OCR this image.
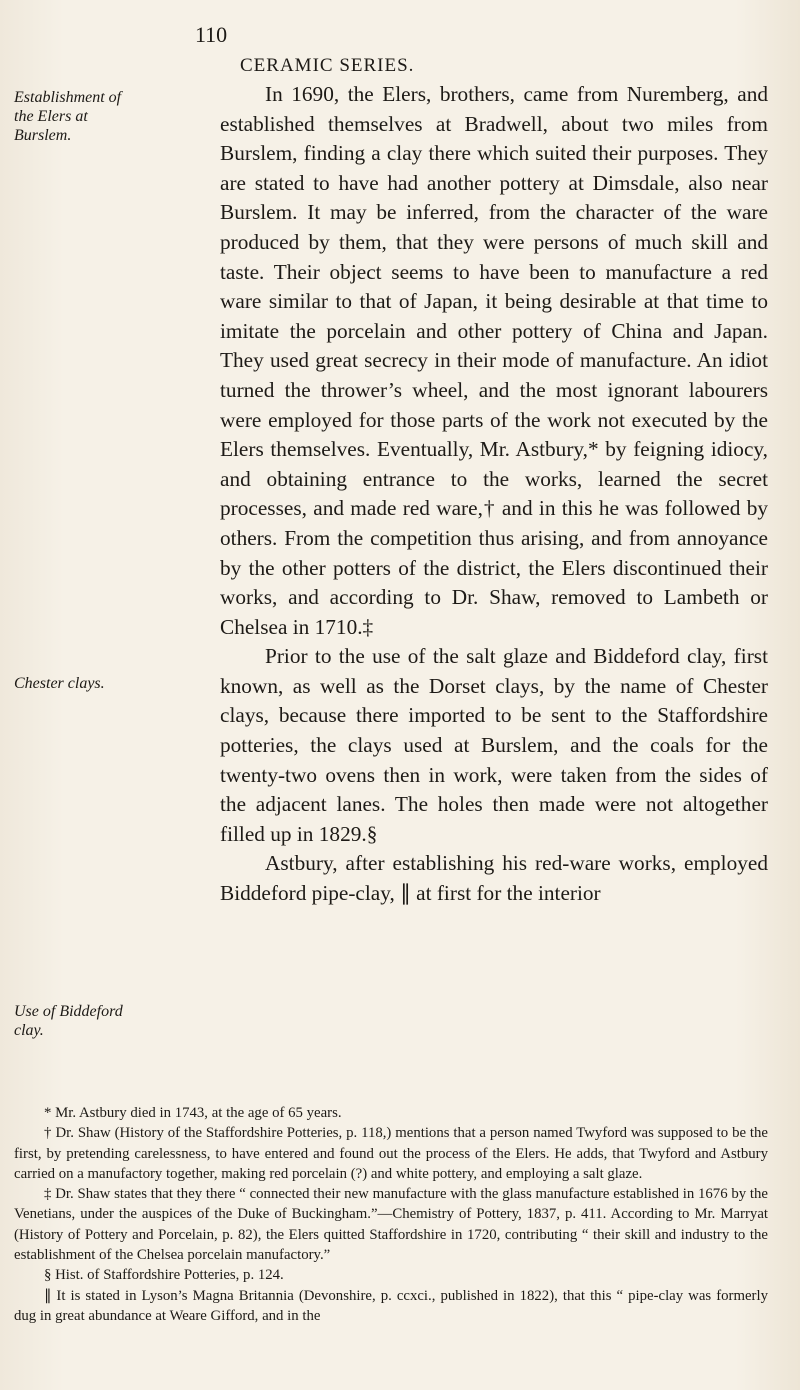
110
CERAMIC SERIES.
Establishment of the Elers at Burslem.
Chester clays.
Use of Biddeford clay.

In 1690, the Elers, brothers, came from Nuremberg, and established themselves at Bradwell, about two miles from Burslem, finding a clay there which suited their purposes. They are stated to have had another pottery at Dimsdale, also near Burslem. It may be inferred, from the character of the ware produced by them, that they were persons of much skill and taste. Their object seems to have been to manufacture a red ware similar to that of Japan, it being desirable at that time to imitate the porcelain and other pottery of China and Japan. They used great secrecy in their mode of manufacture. An idiot turned the thrower’s wheel, and the most ignorant labourers were employed for those parts of the work not executed by the Elers themselves. Eventually, Mr. Astbury,* by feigning idiocy, and obtaining entrance to the works, learned the secret processes, and made red ware,† and in this he was followed by others. From the competition thus arising, and from annoyance by the other potters of the district, the Elers discontinued their works, and according to Dr. Shaw, removed to Lambeth or Chelsea in 1710.‡

Prior to the use of the salt glaze and Biddeford clay, first known, as well as the Dorset clays, by the name of Chester clays, because there imported to be sent to the Staffordshire potteries, the clays used at Burslem, and the coals for the twenty-two ovens then in work, were taken from the sides of the adjacent lanes. The holes then made were not altogether filled up in 1829.§

Astbury, after establishing his red-ware works, employed Biddeford pipe-clay, ∥ at first for the interior

* Mr. Astbury died in 1743, at the age of 65 years.

† Dr. Shaw (History of the Staffordshire Potteries, p. 118,) mentions that a person named Twyford was supposed to be the first, by pretending carelessness, to have entered and found out the process of the Elers. He adds, that Twyford and Astbury carried on a manufactory together, making red porcelain (?) and white pottery, and employing a salt glaze.

‡ Dr. Shaw states that they there “ connected their new manufacture with the glass manufacture established in 1676 by the Venetians, under the auspices of the Duke of Buckingham.”—Chemistry of Pottery, 1837, p. 411. According to Mr. Marryat (History of Pottery and Porcelain, p. 82), the Elers quitted Staffordshire in 1720, contributing “ their skill and industry to the establishment of the Chelsea porcelain manufactory.”

§ Hist. of Staffordshire Potteries, p. 124.

∥ It is stated in Lyson’s Magna Britannia (Devonshire, p. ccxci., published in 1822), that this “ pipe-clay was formerly dug in great abundance at Weare Gifford, and in the
